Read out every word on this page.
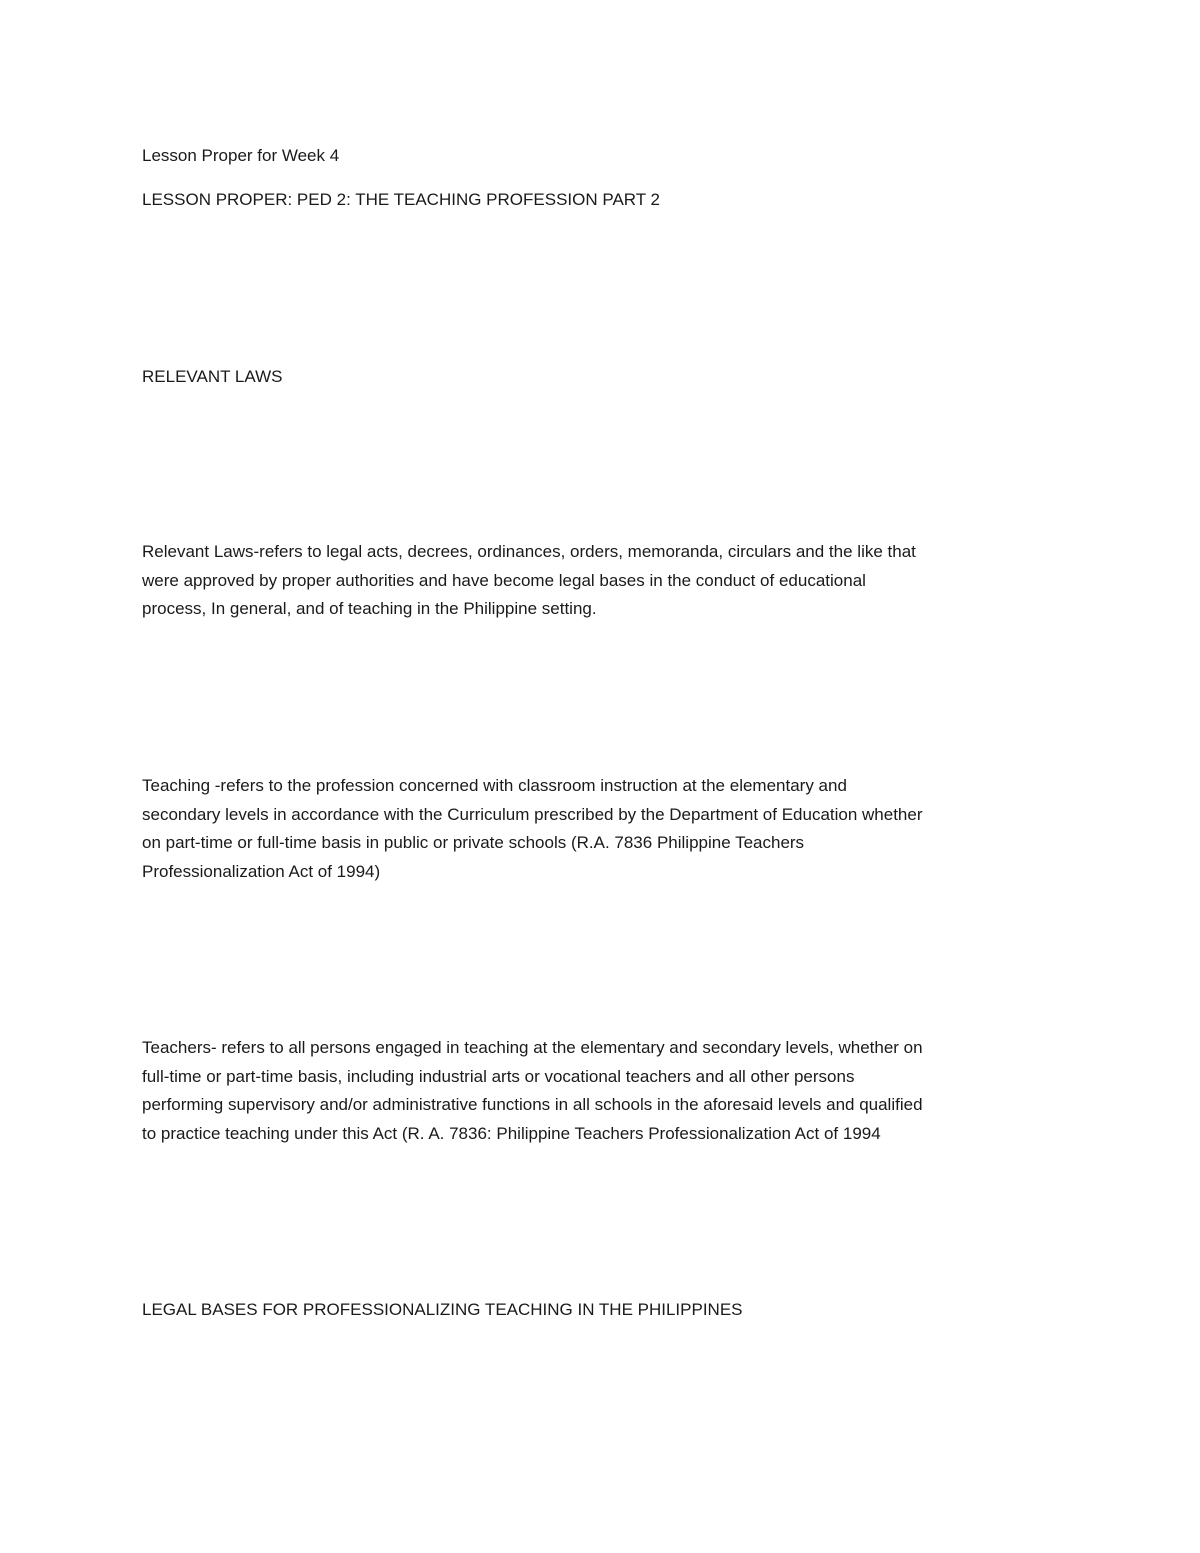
Lesson Proper for Week 4

LESSON PROPER: PED 2: THE TEACHING PROFESSION PART 2

RELEVANT LAWS

Relevant Laws-refers to legal acts, decrees, ordinances, orders, memoranda, circulars and the like that
were approved by proper authorities and have become legal bases in the conduct of educational
process, In general, and of teaching in the Philippine setting.
Teaching -refers to the profession concerned with classroom instruction at the elementary and
secondary levels in accordance with the Curriculum prescribed by the Department of Education whether
on part-time or full-time basis in public or private schools (R.A. 7836 Philippine Teachers
Professionalization Act of 1994)
Teachers- refers to all persons engaged in teaching at the elementary and secondary levels, whether on
full-time or part-time basis, including industrial arts or vocational teachers and all other persons
performing supervisory and/or administrative functions in all schools in the aforesaid levels and qualified
to practice teaching under this Act (R. A. 7836: Philippine Teachers Professionalization Act of 1994

LEGAL BASES FOR PROFESSIONALIZING TEACHING IN THE PHILIPPINES
